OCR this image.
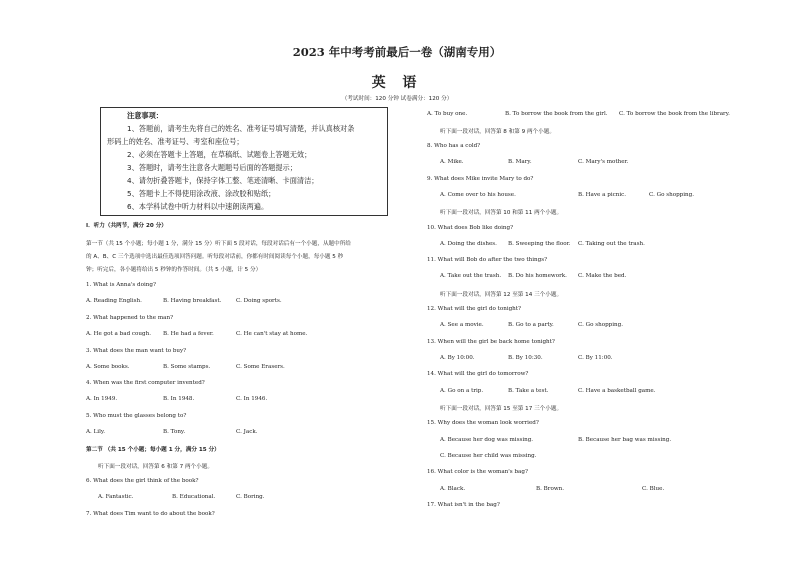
2023 年中考考前最后一卷（湖南专用）
英 语
（考试时间：120 分钟 试卷满分：120 分）
注意事项：
1、答题前，请考生先将自己的姓名、准考证号填写清楚，并认真核对条
形码上的姓名、准考证号、考室和座位号；
2、必须在答题卡上答题，在草稿纸、试题卷上答题无效；
3、答题时，请考生注意各大题题号后面的答题提示；
4、请勿折叠答题卡，保持字体工整、笔迹清晰、卡面清洁；
5、答题卡上不得使用涂改液、涂改胶和贴纸；
6、本学科试卷中听力材料以中速朗读两遍。
I．听力（共两节，满分 20 分）
第一节（共 15 个小题；每小题 1 分，满分 15 分）听下面 5 段对话，每段对话后有一个小题，从题中所给
的 A、B、C 三个选项中选出最佳选项回答问题。听每段对话前，你都有时间阅读每个小题，每小题 5 秒
钟；听完后，各小题将给出 5 秒钟的作答时间。（共 5 小题，计 5 分）
1. What is Anna's doing?
A. Reading English.	B. Having breakfast.	C. Doing sports.
2. What happened to the man?
A. He got a bad cough. B. He had a fever.	C. He can't stay at home.
3. What does the man want to buy?
A. Some books.	B. Some stamps.	C. Some Erasers.
4. When was the first computer invented?
A. In 1949.	B. In 1948.	C. In 1946.
5. Who must the glasses belong to?
A. Lily.	B. Tony.	C. Jack.
第二节 （共 15 个小题；每小题 1 分，满分 15 分）
听下面一段对话，回答第 6 和第 7 两个小题。
6. What does the girl think of the book?
A. Fantastic.	B. Educational.	C. Boring.
7. What does Tim want to do about the book?
A. To buy one.	B. To borrow the book from the girl. C. To borrow the book from the library.
听下面一段对话，回答第 8 和第 9 两个小题。
8. Who has a cold?
A. Mike.	B. Mary.	C. Mary's mother.
9. What does Mike invite Mary to do?
A. Come over to his house.	B. Have a picnic.	C. Go shopping.
听下面一段对话，回答第 10 和第 11 两个小题。
10. What does Bob like doing?
A. Doing the dishes. B. Sweeping the floor. C. Taking out the trash.
11. What will Bob do after the two things?
A. Take out the trash. B. Do his homework. C. Make the bed.
听下面一段对话，回答第 12 至第 14 三个小题。
12. What will the girl do tonight?
A. See a movie.	B. Go to a party.	C. Go shopping.
13. When will the girl be back home tonight?
A. By 10:00.	B. By 10:30.	C. By 11:00.
14. What will the girl do tomorrow?
A. Go on a trip.	B. Take a test.	C. Have a basketball game.
听下面一段对话，回答第 15 至第 17 三个小题。
15. Why does the woman look worried?
A. Because her dog was missing.	B. Because her bag was missing.
C. Because her child was missing.
16. What color is the woman's bag?
A. Black.	B. Brown.	C. Blue.
17. What isn't in the bag?
